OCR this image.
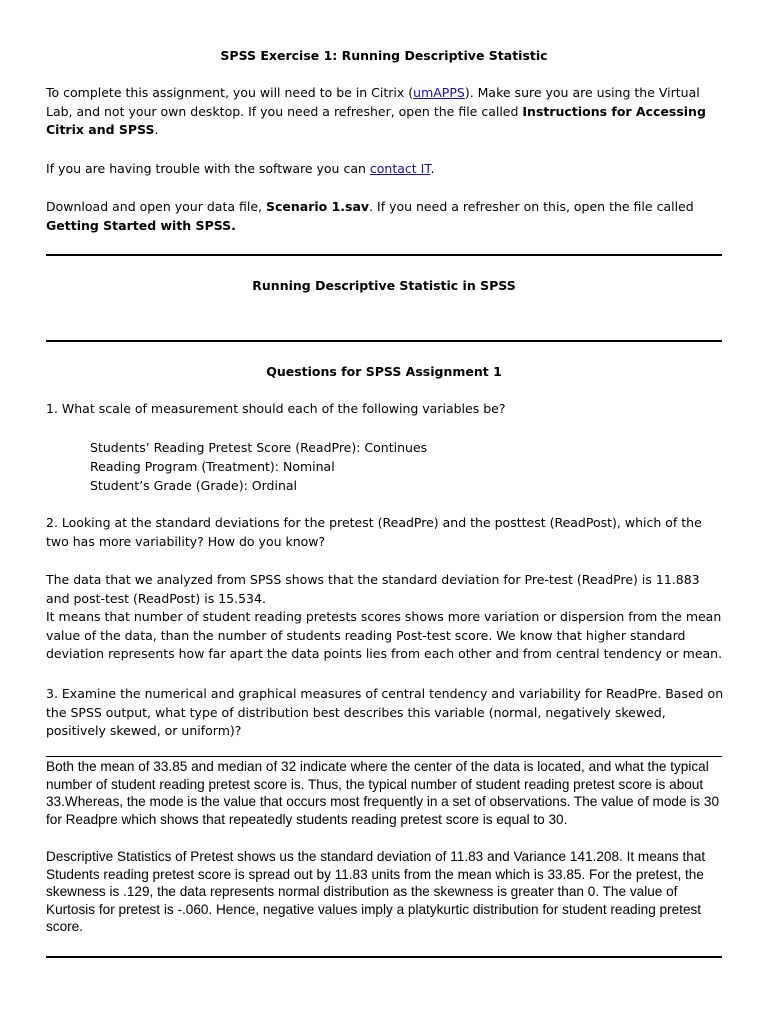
SPSS Exercise 1: Running Descriptive Statistic

To complete this assignment, you will need to be in Citrix (umAPPS). Make sure you are using the Virtual Lab, and not your own desktop. If you need a refresher, open the file called Instructions for Accessing Citrix and SPSS.

If you are having trouble with the software you can contact IT.

Download and open your data file, Scenario 1.sav. If you need a refresher on this, open the file called Getting Started with SPSS.

Running Descriptive Statistic in SPSS

Questions for SPSS Assignment 1

1. What scale of measurement should each of the following variables be?

Students’ Reading Pretest Score (ReadPre): Continues
Reading Program (Treatment): Nominal
Student’s Grade (Grade): Ordinal

2. Looking at the standard deviations for the pretest (ReadPre) and the posttest (ReadPost), which of the two has more variability? How do you know?

The data that we analyzed from SPSS shows that the standard deviation for Pre-test (ReadPre) is 11.883 and post-test (ReadPost) is 15.534.

It means that number of student reading pretests scores shows more variation or dispersion from the mean value of the data, than the number of students reading Post-test score. We know that higher standard deviation represents how far apart the data points lies from each other and from central tendency or mean.

3. Examine the numerical and graphical measures of central tendency and variability for ReadPre. Based on the SPSS output, what type of distribution best describes this variable (normal, negatively skewed, positively skewed, or uniform)?

Both the mean of 33.85 and median of 32 indicate where the center of the data is located, and what the typical number of student reading pretest score is. Thus, the typical number of student reading pretest score is about 33.Whereas, the mode is the value that occurs most frequently in a set of observations. The value of mode is 30 for Readpre which shows that repeatedly students reading pretest score is equal to 30.

Descriptive Statistics of Pretest shows us the standard deviation of 11.83 and Variance 141.208. It means that Students reading pretest score is spread out by 11.83 units from the mean which is 33.85. For the pretest, the skewness is .129, the data represents normal distribution as the skewness is greater than 0. The value of Kurtosis for pretest is -.060. Hence, negative values imply a platykurtic distribution for student reading pretest score.
